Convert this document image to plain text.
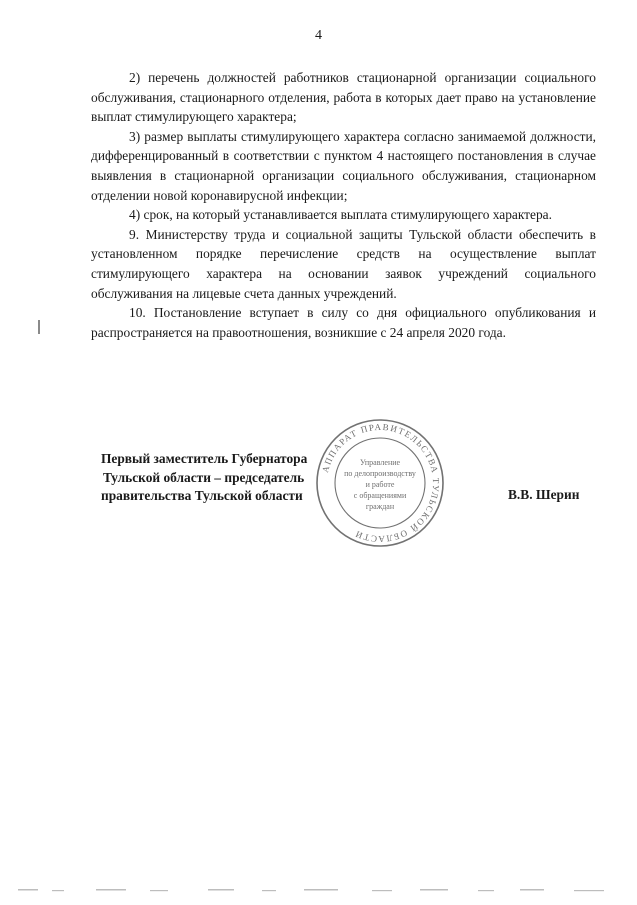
4

2) перечень должностей работников стационарной организации социального обслуживания, стационарного отделения, работа в которых дает право на установление выплат стимулирующего характера;

3) размер выплаты стимулирующего характера согласно занимаемой должности, дифференцированный в соответствии с пунктом 4 настоящего постановления в случае выявления в стационарной организации социального обслуживания, стационарном отделении новой коронавирусной инфекции;

4) срок, на который устанавливается выплата стимулирующего характера.

9. Министерству труда и социальной защиты Тульской области обеспечить в установленном порядке перечисление средств на осуществление выплат стимулирующего характера на основании заявок учреждений социального обслуживания на лицевые счета данных учреждений.

10. Постановление вступает в силу со дня официального опубликования и распространяется на правоотношения, возникшие с 24 апреля 2020 года.

АППАРАТ ПРАВИТЕЛЬСТВА ТУЛЬСКОЙ ОБЛАСТИ
Управление
по делопроизводству
и работе
с обращениями
граждан
Первый заместитель Губернатора
Тульской области – председатель
правительства Тульской области	В.В. Шерин
